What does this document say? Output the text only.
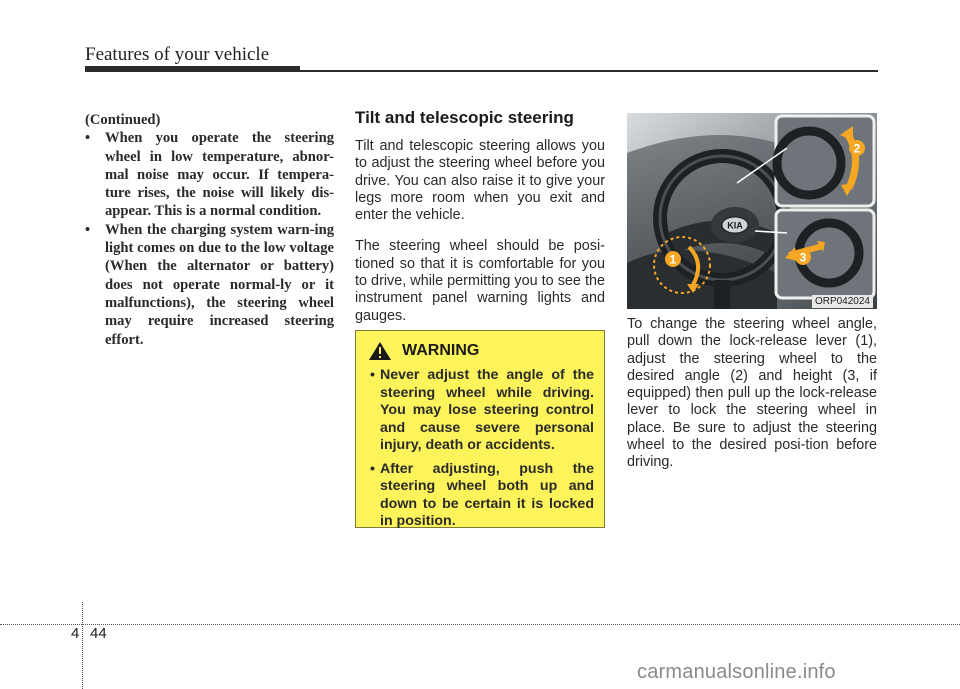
Features of your vehicle
(Continued)
•	When you operate the steering wheel in low temperature, abnor-mal noise may occur. If tempera-ture rises, the noise will likely dis-appear. This is a normal condition.
•	When the charging system warn-ing light comes on due to the low voltage (When the alternator or battery) does not operate normal-ly or it malfunctions), the steering wheel may require increased steering effort.
Tilt and telescopic steering

Tilt and telescopic steering allows you to adjust the steering wheel before you drive. You can also raise it to give your legs more room when you exit and enter the vehicle.

The steering wheel should be posi-tioned so that it is comfortable for you to drive, while permitting you to see the instrument panel warning lights and gauges.

WARNING
• Never adjust the angle of the steering wheel while driving. You may lose steering control and cause severe personal injury, death or accidents.
• After adjusting, push the steering wheel both up and down to be certain it is locked in position.
KIA
1
2
3
ORP042024

To change the steering wheel angle, pull down the lock-release lever (1), adjust the steering wheel to the desired angle (2) and height (3, if equipped) then pull up the lock-release lever to lock the steering wheel in place. Be sure to adjust the steering wheel to the desired posi-tion before driving.

4 44
carmanualsonline.info
